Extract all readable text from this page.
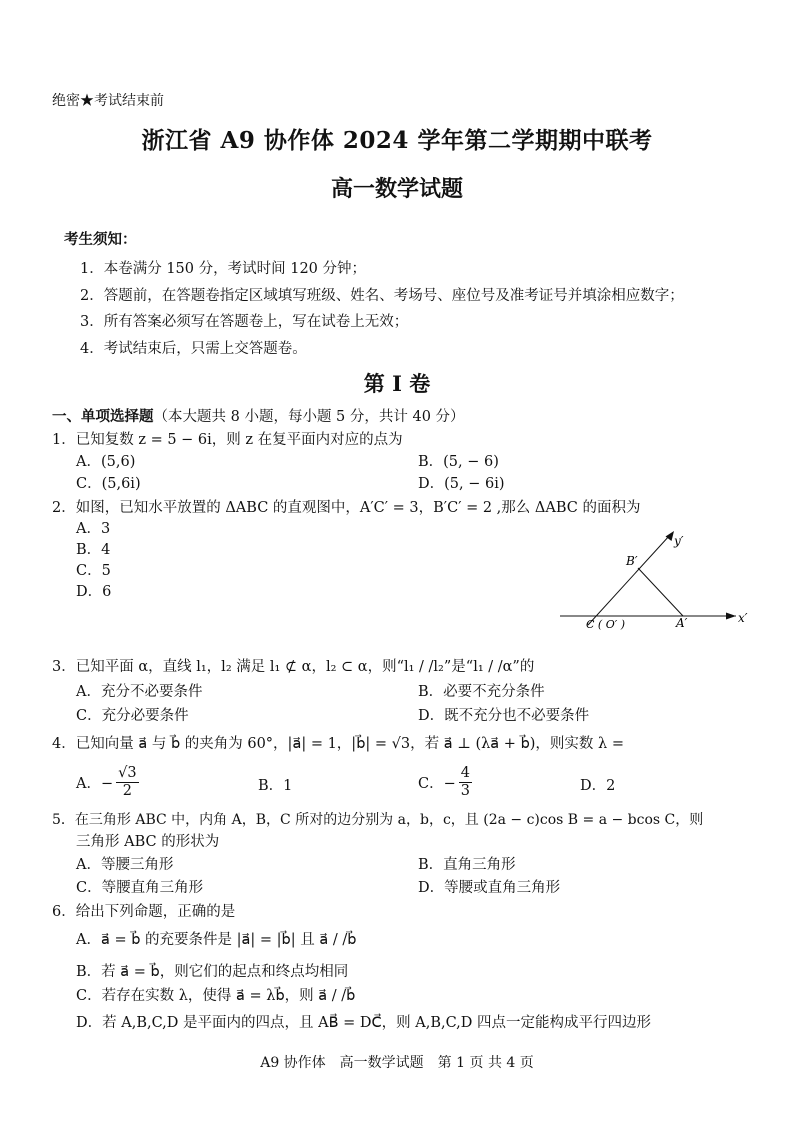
绝密★考试结束前
浙江省 A9 协作体 2024 学年第二学期期中联考
高一数学试题
考生须知：
1．本卷满分 150 分，考试时间 120 分钟；
2．答题前，在答题卷指定区域填写班级、姓名、考场号、座位号及准考证号并填涂相应数字；
3．所有答案必须写在答题卷上，写在试卷上无效；
4．考试结束后，只需上交答题卷。
第 I 卷
一、单项选择题（本大题共 8 小题，每小题 5 分，共计 40 分）
1．已知复数 z = 5 − 6i，则 z 在复平面内对应的点为
A．(5,6)	B．(5, − 6)
C．(5,6i)	D．(5, − 6i)
2．如图，已知水平放置的 ΔABC 的直观图中，A′C′ = 3，B′C′ = 2 ,那么 ΔABC 的面积为
A．3
B．4
C．5
D．6
y′
x′
B′
A′
C ( O′ )
3．已知平面 α，直线 l₁，l₂ 满足 l₁ ⊄ α，l₂ ⊂ α，则“l₁ / /l₂”是“l₁ / /α”的
A．充分不必要条件	B．必要不充分条件
C．充分必要条件	D．既不充分也不必要条件
4．已知向量 a⃗ 与 b⃗ 的夹角为 60°，|a⃗| = 1，|b⃗| = √3，若 a⃗ ⊥ (λa⃗ + b⃗)，则实数 λ =
A．− $\frac{√3}{2}$	B．1	C．− $\frac{4}{3}$	D．2
5．在三角形 ABC 中，内角 A，B，C 所对的边分别为 a，b，c，且 (2a − c)cos B = a − bcos C，则
三角形 ABC 的形状为
A．等腰三角形	B．直角三角形
C．等腰直角三角形	D．等腰或直角三角形
6．给出下列命题，正确的是
A．a⃗ = b⃗ 的充要条件是 |a⃗| = |b⃗| 且 a⃗ / /b⃗
B．若 a⃗ = b⃗，则它们的起点和终点均相同
C．若存在实数 λ，使得 a⃗ = λb⃗，则 a⃗ / /b⃗
D．若 A,B,C,D 是平面内的四点，且 AB⃗ = DC⃗，则 A,B,C,D 四点一定能构成平行四边形
A9 协作体　高一数学试题　第 1 页 共 4 页
